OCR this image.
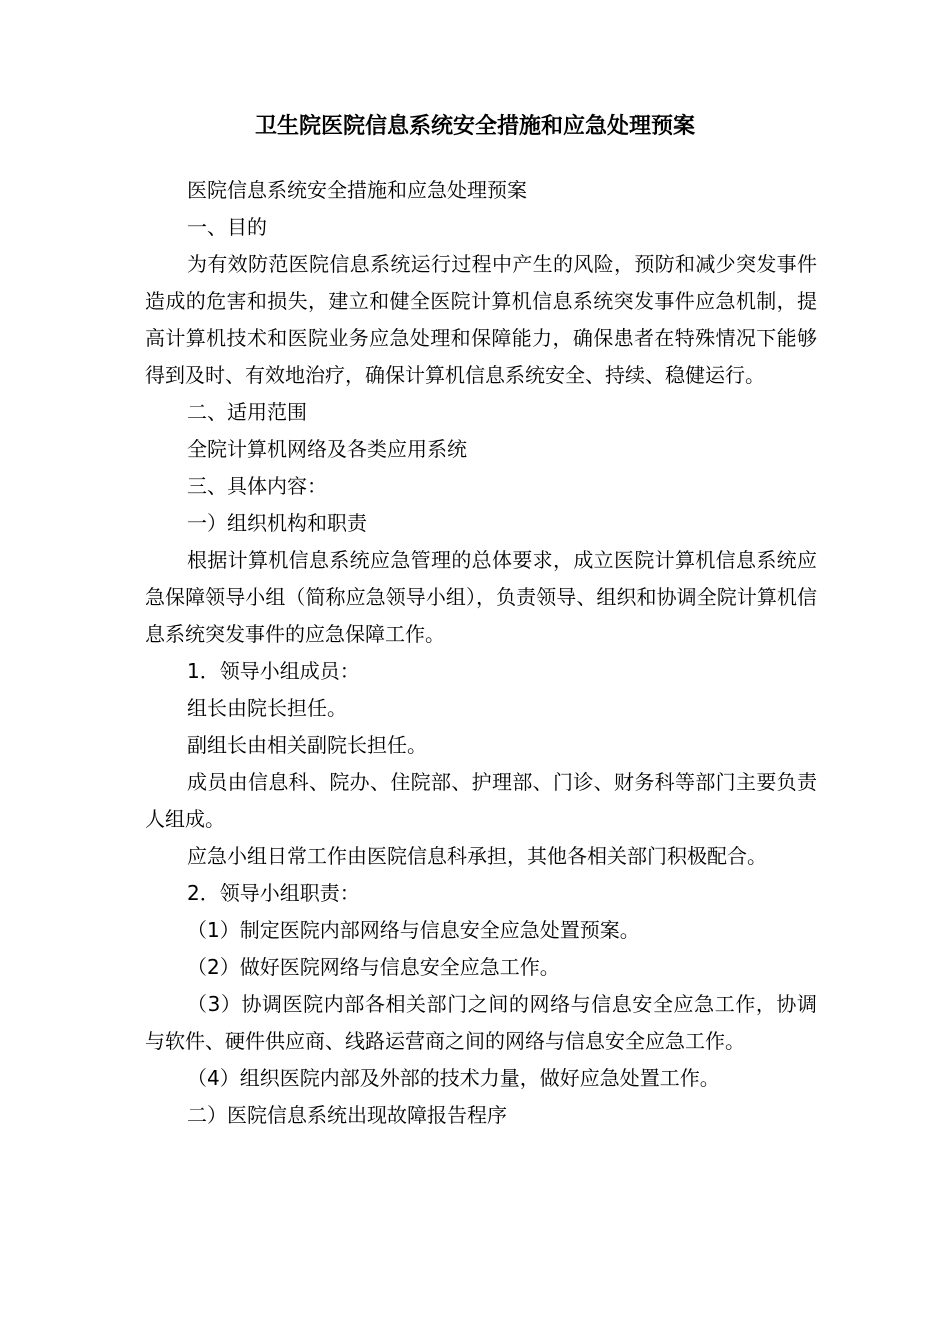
卫生院医院信息系统安全措施和应急处理预案

医院信息系统安全措施和应急处理预案

一、目的

为有效防范医院信息系统运行过程中产生的风险，预防和减少突发事件造成的危害和损失，建立和健全医院计算机信息系统突发事件应急机制，提高计算机技术和医院业务应急处理和保障能力，确保患者在特殊情况下能够得到及时、有效地治疗，确保计算机信息系统安全、持续、稳健运行。

二、适用范围

全院计算机网络及各类应用系统

三、具体内容：

一）组织机构和职责

根据计算机信息系统应急管理的总体要求，成立医院计算机信息系统应急保障领导小组（简称应急领导小组），负责领导、组织和协调全院计算机信息系统突发事件的应急保障工作。

1．领导小组成员：

组长由院长担任。

副组长由相关副院长担任。

成员由信息科、院办、住院部、护理部、门诊、财务科等部门主要负责人组成。

应急小组日常工作由医院信息科承担，其他各相关部门积极配合。

2．领导小组职责：

（1）制定医院内部网络与信息安全应急处置预案。

（2）做好医院网络与信息安全应急工作。

（3）协调医院内部各相关部门之间的网络与信息安全应急工作，协调与软件、硬件供应商、线路运营商之间的网络与信息安全应急工作。

（4）组织医院内部及外部的技术力量，做好应急处置工作。

二）医院信息系统出现故障报告程序
